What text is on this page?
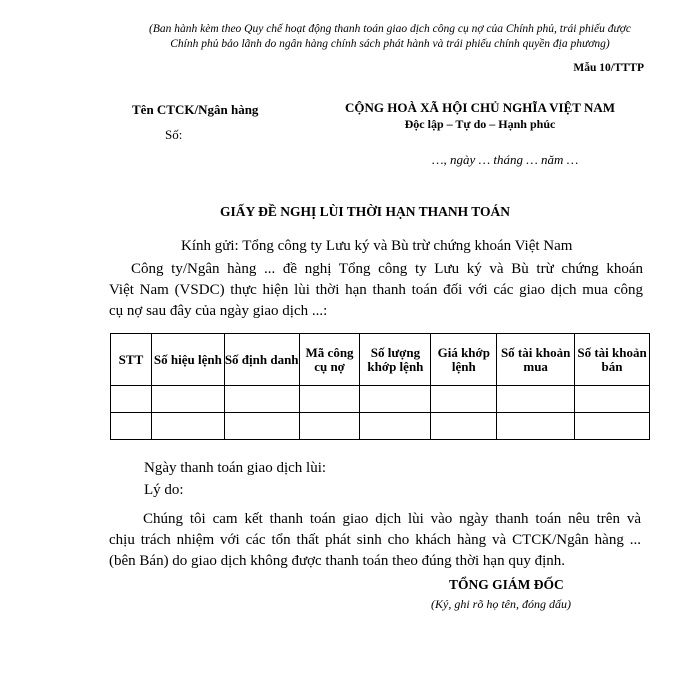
(Ban hành kèm theo Quy chế hoạt động thanh toán giao dịch công cụ nợ của Chính phủ, trái phiếu được
Chính phủ bảo lãnh do ngân hàng chính sách phát hành và trái phiếu chính quyền địa phương)
Mẫu 10/TTTP
Tên CTCK/Ngân hàng
Số:
CỘNG HOÀ XÃ HỘI CHỦ NGHĨA VIỆT NAM
Độc lập – Tự do – Hạnh phúc
…, ngày … tháng … năm …
GIẤY ĐỀ NGHỊ LÙI THỜI HẠN THANH TOÁN
Kính gửi: Tổng công ty Lưu ký và Bù trừ chứng khoán Việt Nam
Công ty/Ngân hàng ... đề nghị Tổng công ty Lưu ký và Bù trừ chứng khoán
Việt Nam (VSDC) thực hiện lùi thời hạn thanh toán đối với các giao dịch mua công
cụ nợ sau đây của ngày giao dịch ...:
STT	Số hiệu lệnh	Số định danh	Mã công cụ nợ	Số lượng khớp lệnh	Giá khớp lệnh	Số tài khoản mua	Số tài khoản bán

Ngày thanh toán giao dịch lùi:
Lý do:
Chúng tôi cam kết thanh toán giao dịch lùi vào ngày thanh toán nêu trên và
chịu trách nhiệm với các tổn thất phát sinh cho khách hàng và CTCK/Ngân hàng ...
(bên Bán) do giao dịch không được thanh toán theo đúng thời hạn quy định.
TỔNG GIÁM ĐỐC
(Ký, ghi rõ họ tên, đóng dấu)
